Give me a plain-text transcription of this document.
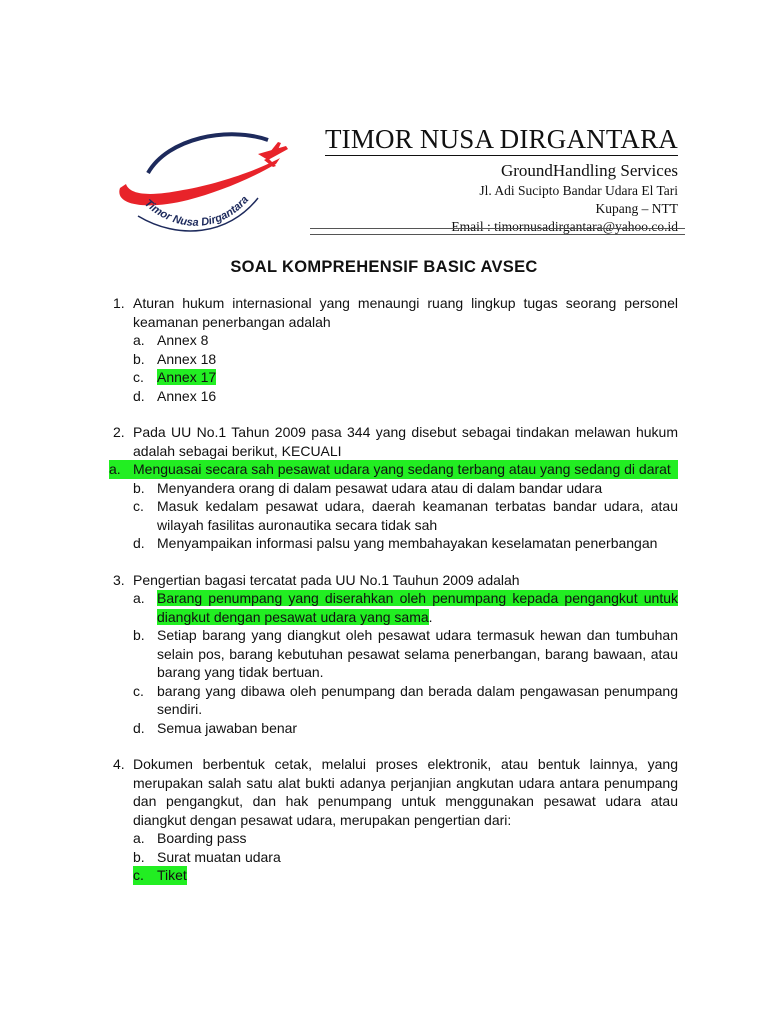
Timor Nusa Dirgantara
TIMOR NUSA DIRGANTARA
GroundHandling Services
Jl. Adi Sucipto Bandar Udara El Tari
Kupang – NTT
Email : timornusadirgantara@yahoo.co.id
SOAL KOMPREHENSIF BASIC AVSEC
1. Aturan hukum internasional yang menaungi ruang lingkup tugas seorang personel keamanan penerbangan adalah
a. Annex 8
b. Annex 18
c. Annex 17
d. Annex 16
2. Pada UU No.1 Tahun 2009 pasa 344 yang disebut sebagai tindakan melawan hukum adalah sebagai berikut, KECUALI
a. Menguasai secara sah pesawat udara yang sedang terbang atau yang sedang di darat
b. Menyandera orang di dalam pesawat udara atau di dalam bandar udara
c. Masuk kedalam pesawat udara, daerah keamanan terbatas bandar udara, atau wilayah fasilitas auronautika secara tidak sah
d. Menyampaikan informasi palsu yang membahayakan keselamatan penerbangan
3. Pengertian bagasi tercatat pada UU No.1 Tauhun 2009 adalah
a. Barang penumpang yang diserahkan oleh penumpang kepada pengangkut untuk diangkut dengan pesawat udara yang sama.
b. Setiap barang yang diangkut oleh pesawat udara termasuk hewan dan tumbuhan selain pos, barang kebutuhan pesawat selama penerbangan, barang bawaan, atau barang yang tidak bertuan.
c. barang yang dibawa oleh penumpang dan berada dalam pengawasan penumpang sendiri.
d. Semua jawaban benar
4. Dokumen berbentuk cetak, melalui proses elektronik, atau bentuk lainnya, yang merupakan salah satu alat bukti adanya perjanjian angkutan udara antara penumpang dan pengangkut, dan hak penumpang untuk menggunakan pesawat udara atau diangkut dengan pesawat udara, merupakan pengertian dari:
a. Boarding pass
b. Surat muatan udara
c. Tiket
